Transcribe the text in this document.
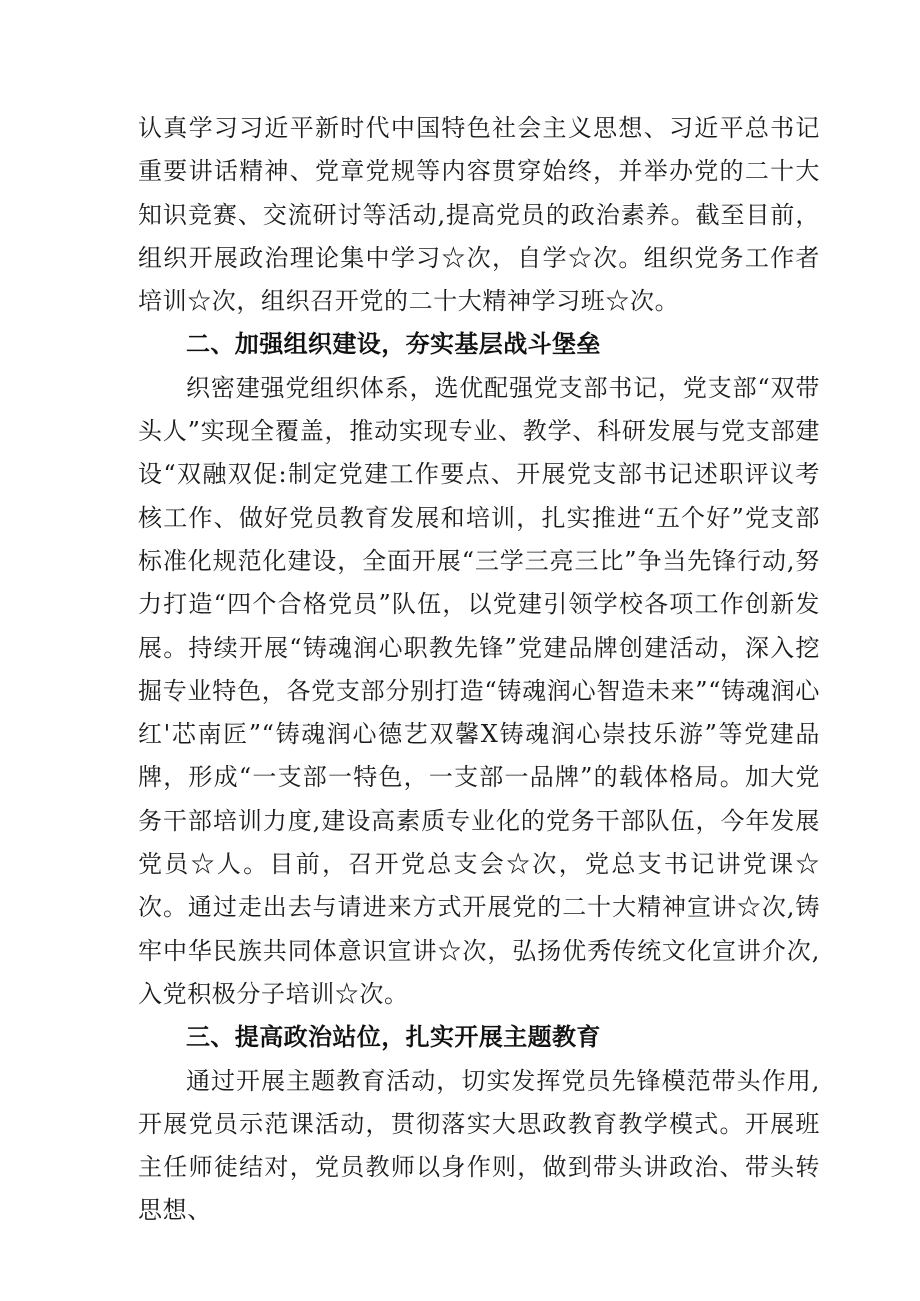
认真学习习近平新时代中国特色社会主义思想、习近平总书记重要讲话精神、党章党规等内容贯穿始终，并举办党的二十大知识竞赛、交流研讨等活动,提高党员的政治素养。截至目前，组织开展政治理论集中学习☆次，自学☆次。组织党务工作者培训☆次，组织召开党的二十大精神学习班☆次。

二、加强组织建设，夯实基层战斗堡垒

织密建强党组织体系，选优配强党支部书记，党支部“双带头人”实现全覆盖，推动实现专业、教学、科研发展与党支部建设“双融双促:制定党建工作要点、开展党支部书记述职评议考核工作、做好党员教育发展和培训，扎实推进“五个好”党支部标准化规范化建设，全面开展“三学三亮三比”争当先锋行动,努力打造“四个合格党员”队伍，以党建引领学校各项工作创新发展。持续开展“铸魂润心职教先锋”党建品牌创建活动，深入挖掘专业特色，各党支部分别打造“铸魂润心智造未来”“铸魂润心红'芯南匠”“铸魂润心德艺双馨X铸魂润心崇技乐游”等党建品牌，形成“一支部一特色，一支部一品牌”的载体格局。加大党务干部培训力度,建设高素质专业化的党务干部队伍，今年发展党员☆人。目前，召开党总支会☆次，党总支书记讲党课☆次。通过走出去与请进来方式开展党的二十大精神宣讲☆次,铸牢中华民族共同体意识宣讲☆次，弘扬优秀传统文化宣讲介次,入党积极分子培训☆次。

三、提高政治站位，扎实开展主题教育

通过开展主题教育活动，切实发挥党员先锋模范带头作用,开展党员示范课活动，贯彻落实大思政教育教学模式。开展班主任师徒结对，党员教师以身作则，做到带头讲政治、带头转思想、
